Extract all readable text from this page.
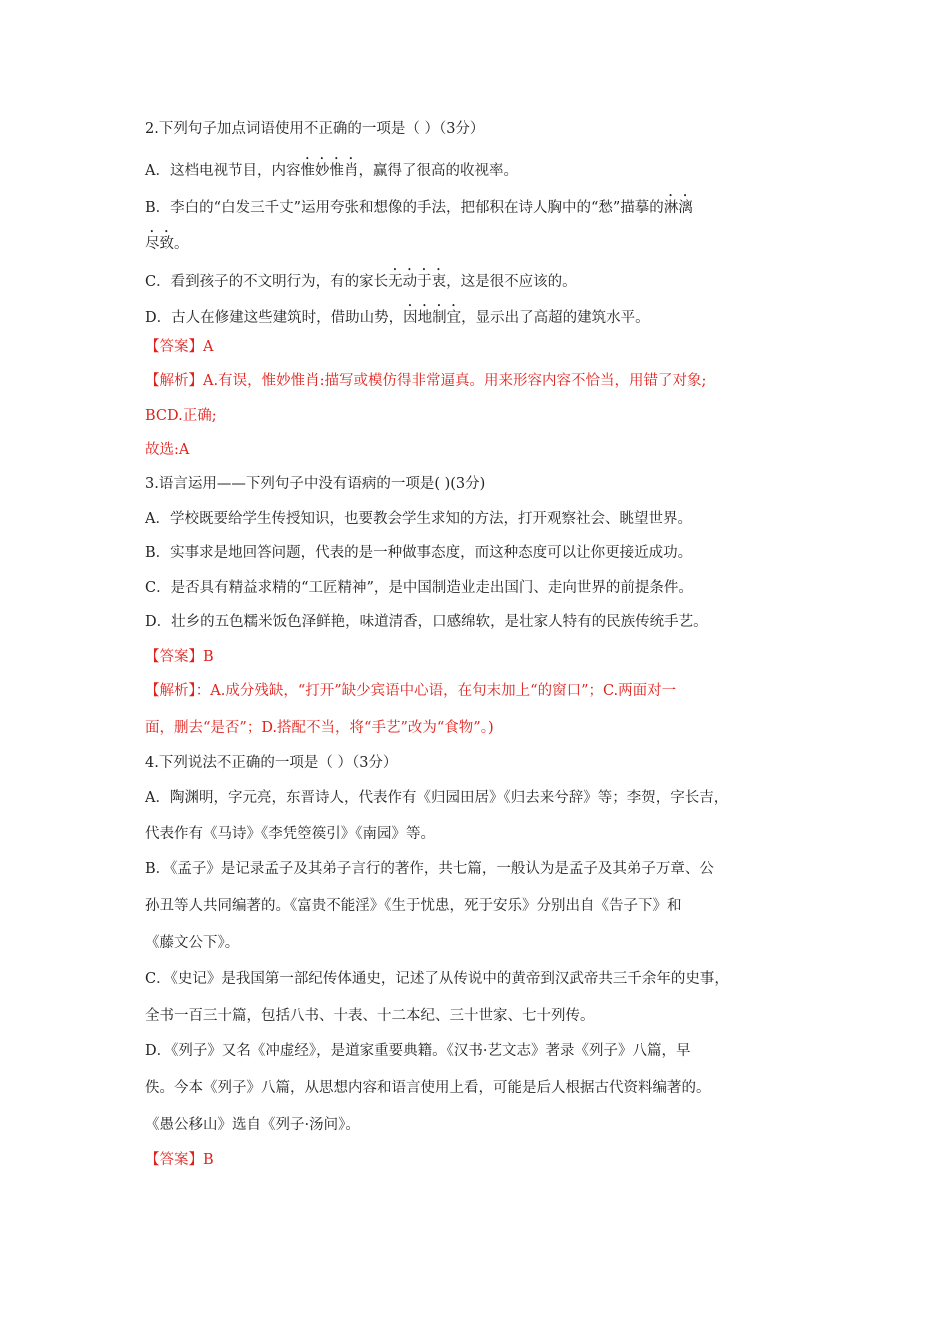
2.下列句子加点词语使用不正确的一项是（ ）（3分）
A．这档电视节目，内容惟妙惟肖，赢得了很高的收视率。
B．李白的“白发三千丈”运用夸张和想像的手法，把郁积在诗人胸中的“愁”描摹的淋漓
尽致。
C．看到孩子的不文明行为，有的家长无动于衷，这是很不应该的。
D．古人在修建这些建筑时，借助山势，因地制宜，显示出了高超的建筑水平。
【答案】A
【解析】A.有误，惟妙惟肖:描写或模仿得非常逼真。用来形容内容不恰当，用错了对象;
BCD.正确;
故选:A
3.语言运用——下列句子中没有语病的一项是( )(3分)
A．学校既要给学生传授知识，也要教会学生求知的方法，打开观察社会、眺望世界。
B．实事求是地回答问题，代表的是一种做事态度，而这种态度可以让你更接近成功。
C．是否具有精益求精的“工匠精神”，是中国制造业走出国门、走向世界的前提条件。
D．壮乡的五色糯米饭色泽鲜艳，味道清香，口感绵软，是壮家人特有的民族传统手艺。
【答案】B
【解析】：A.成分残缺，“打开”缺少宾语中心语，在句末加上“的窗口”；C.两面对一
面，删去“是否”；D.搭配不当，将“手艺”改为“食物”。)
4.下列说法不正确的一项是（ ）（3分）
A．陶渊明，字元亮，东晋诗人，代表作有《归园田居》《归去来兮辞》等；李贺，字长吉，
代表作有《马诗》《李凭箜篌引》《南园》等。
B．《孟子》是记录孟子及其弟子言行的著作，共七篇，一般认为是孟子及其弟子万章、公
孙丑等人共同编著的。《富贵不能淫》《生于忧患，死于安乐》分别出自《告子下》和
《藤文公下》。
C．《史记》是我国第一部纪传体通史，记述了从传说中的黄帝到汉武帝共三千余年的史事，
全书一百三十篇，包括八书、十表、十二本纪、三十世家、七十列传。
D．《列子》又名《冲虚经》，是道家重要典籍。《汉书·艺文志》著录《列子》八篇，早
佚。今本《列子》八篇，从思想内容和语言使用上看，可能是后人根据古代资料编著的。
《愚公移山》选自《列子·汤问》。
【答案】B
